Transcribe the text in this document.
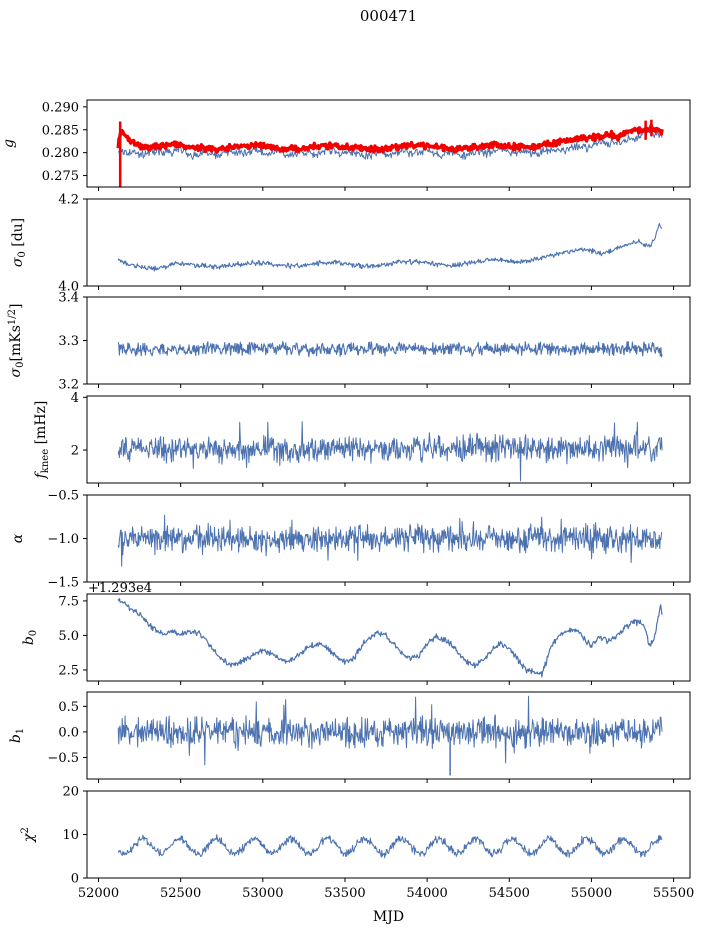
000471
0.275
0.280
0.285
0.290
g
4.0
4.2
$\sigma_0$ [du]
3.2
3.3
3.4
$\sigma_0[mKs^{1/2}]$
2
4
$f_{knee}$ [mHz]
−1.5
−1.0
−0.5
α
2.5
5.0
7.5
+1.293e4
$b_0$
−0.5
0.0
0.5
$b_1$
0
10
20
52000	52500	53000	53500	54000	54500	55000	55500
$\chi^2$
MJD
